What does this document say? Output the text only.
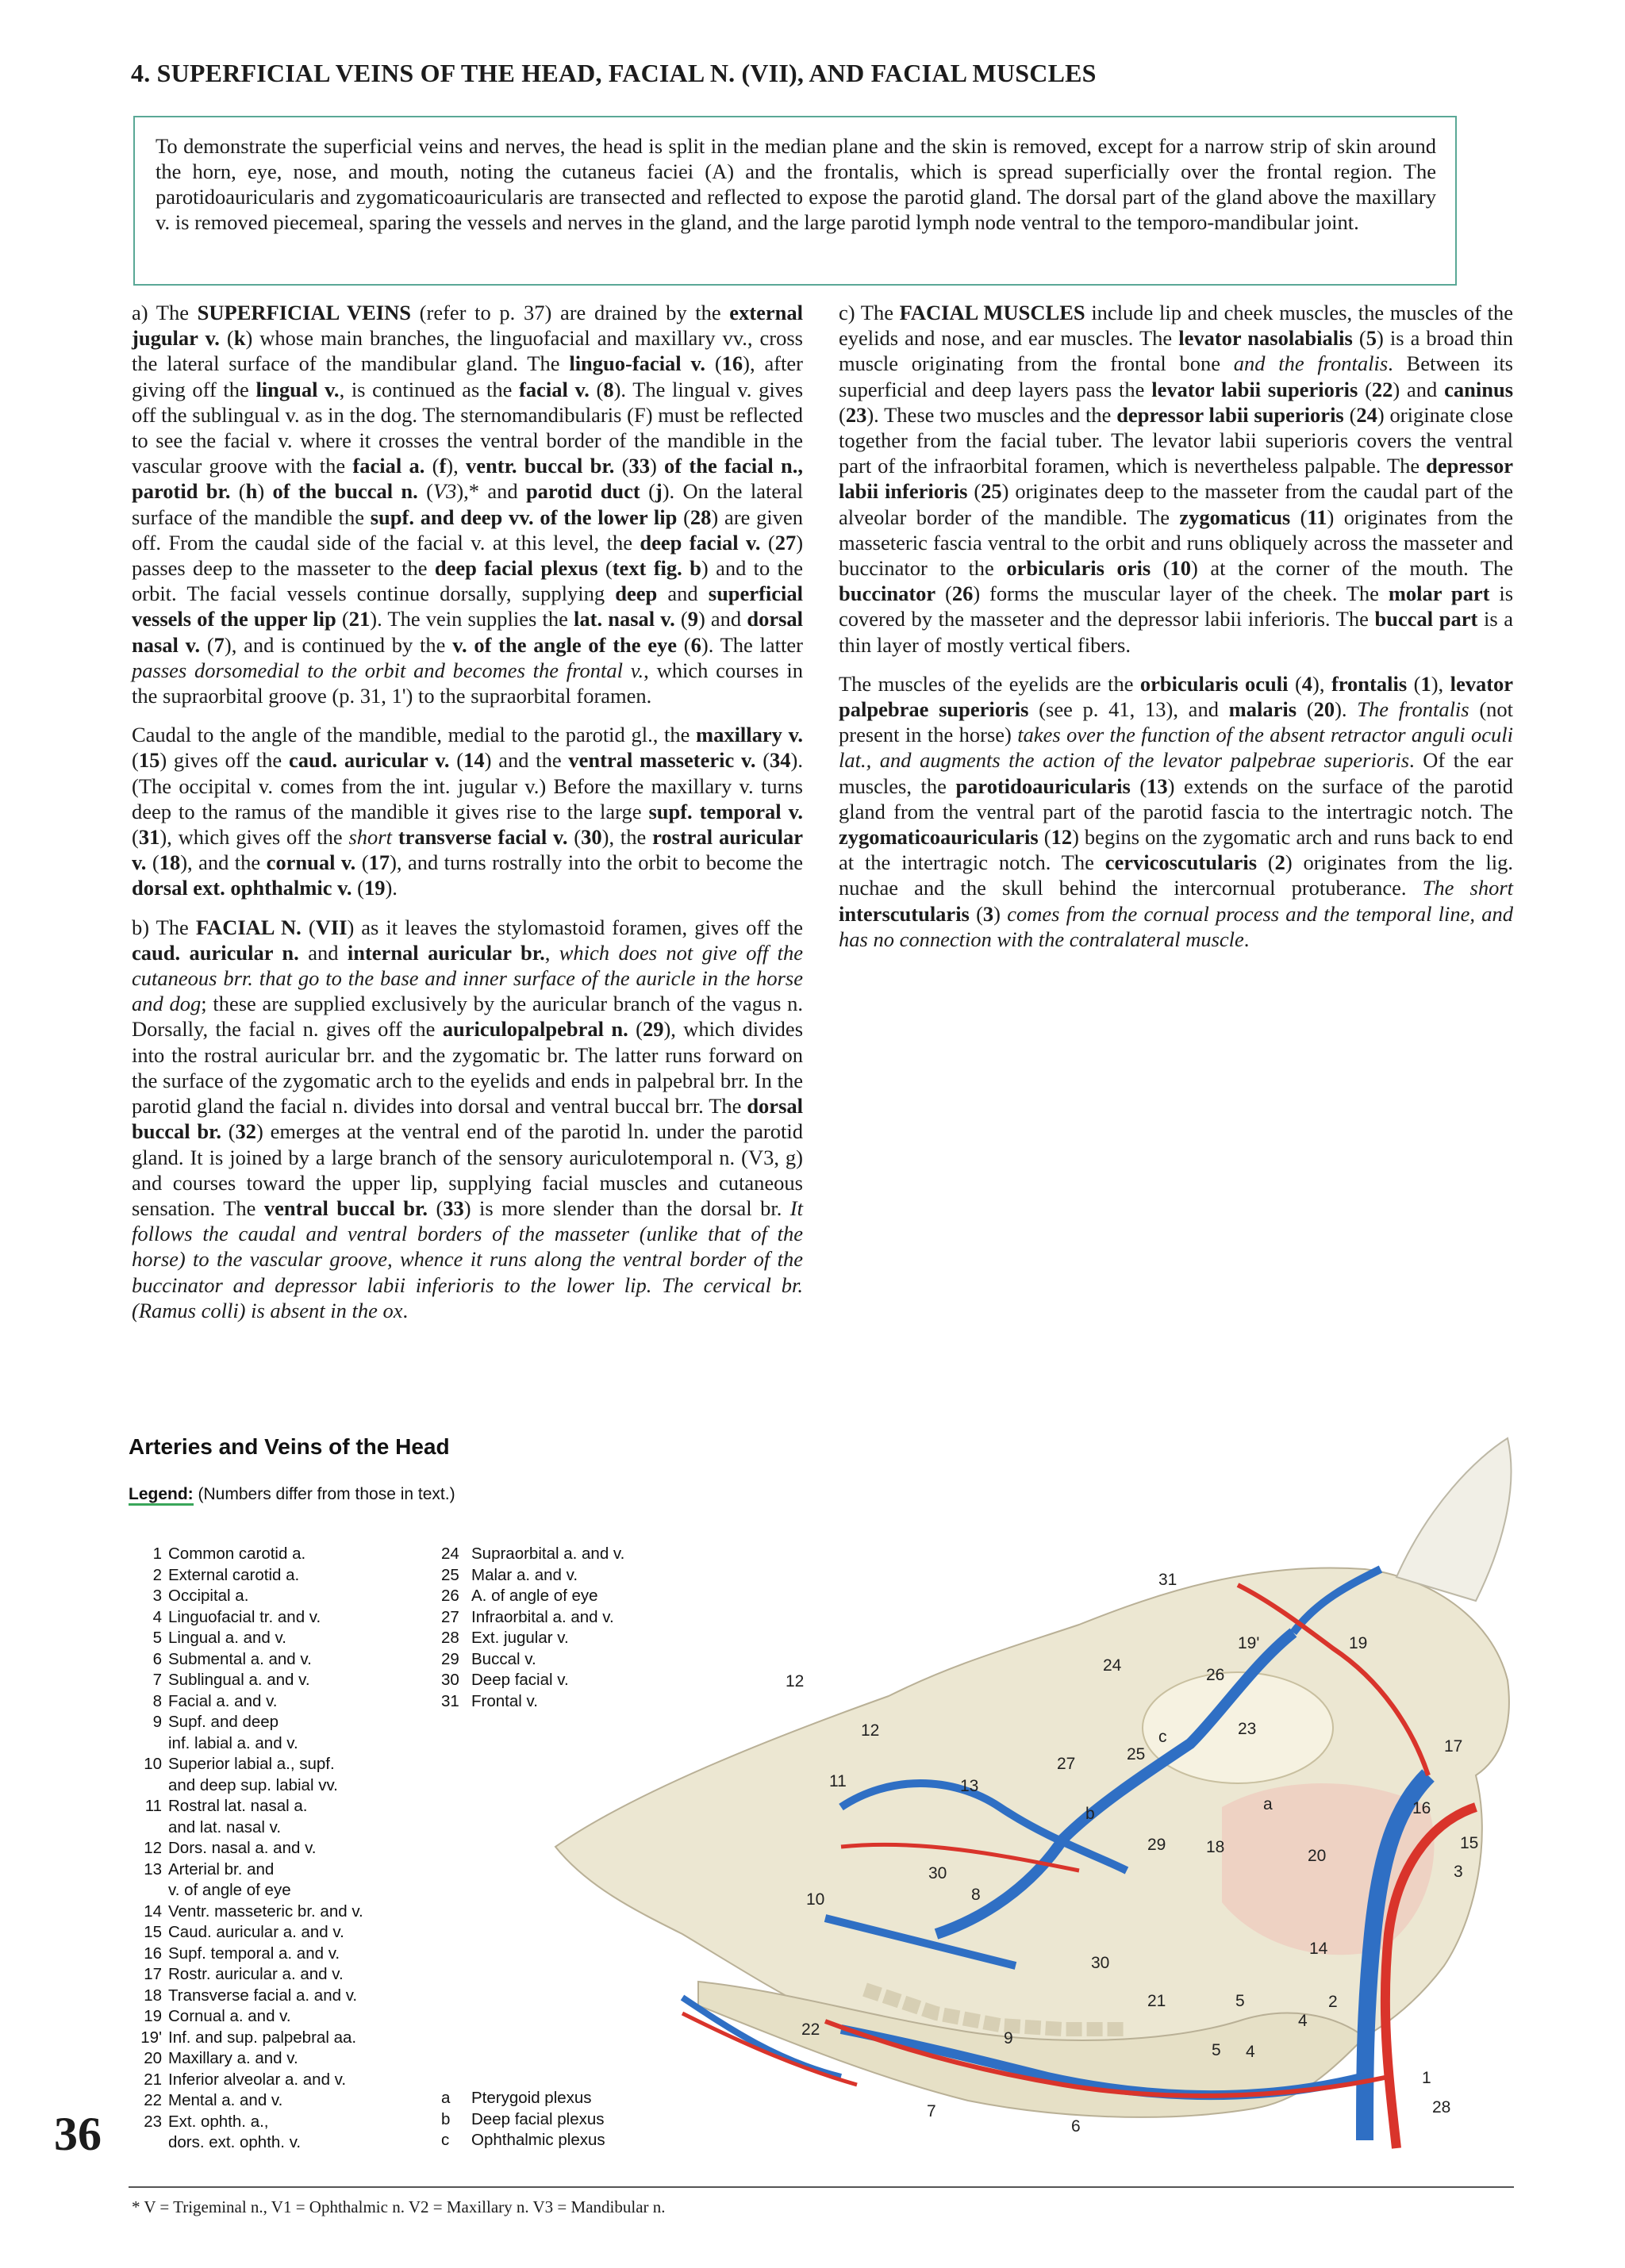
4. SUPERFICIAL VEINS OF THE HEAD, FACIAL N. (VII), AND FACIAL MUSCLES
To demonstrate the superficial veins and nerves, the head is split in the median plane and the skin is removed, except for a narrow strip of skin around the horn, eye, nose, and mouth, noting the cutaneus faciei (A) and the frontalis, which is spread superficially over the frontal region. The parotidoauricularis and zygomaticoauricularis are transected and reflected to expose the parotid gland. The dorsal part of the gland above the maxillary v. is removed piecemeal, sparing the vessels and nerves in the gland, and the large parotid lymph node ventral to the temporo-mandibular joint.

a) The SUPERFICIAL VEINS (refer to p. 37) are drained by the external jugular v. (k) whose main branches, the linguofacial and maxillary vv., cross the lateral surface of the mandibular gland. The linguo-facial v. (16), after giving off the lingual v., is continued as the facial v. (8). The lingual v. gives off the sublingual v. as in the dog. The sternomandibularis (F) must be reflected to see the facial v. where it crosses the ventral border of the mandible in the vascular groove with the facial a. (f), ventr. buccal br. (33) of the facial n., parotid br. (h) of the buccal n. (V3),* and parotid duct (j). On the lateral surface of the mandible the supf. and deep vv. of the lower lip (28) are given off. From the caudal side of the facial v. at this level, the deep facial v. (27) passes deep to the masseter to the deep facial plexus (text fig. b) and to the orbit. The facial vessels continue dorsally, supplying deep and superficial vessels of the upper lip (21). The vein supplies the lat. nasal v. (9) and dorsal nasal v. (7), and is continued by the v. of the angle of the eye (6). The latter passes dorsomedial to the orbit and becomes the frontal v., which courses in the supraorbital groove (p. 31, 1') to the supraorbital foramen.

Caudal to the angle of the mandible, medial to the parotid gl., the maxillary v. (15) gives off the caud. auricular v. (14) and the ventral masseteric v. (34). (The occipital v. comes from the int. jugular v.) Before the maxillary v. turns deep to the ramus of the mandible it gives rise to the large supf. temporal v. (31), which gives off the short transverse facial v. (30), the rostral auricular v. (18), and the cornual v. (17), and turns rostrally into the orbit to become the dorsal ext. ophthalmic v. (19).

b) The FACIAL N. (VII) as it leaves the stylomastoid foramen, gives off the caud. auricular n. and internal auricular br., which does not give off the cutaneous brr. that go to the base and inner surface of the auricle in the horse and dog; these are supplied exclusively by the auricular branch of the vagus n. Dorsally, the facial n. gives off the auriculopalpebral n. (29), which divides into the rostral auricular brr. and the zygomatic br. The latter runs forward on the surface of the zygomatic arch to the eyelids and ends in palpebral brr. In the parotid gland the facial n. divides into dorsal and ventral buccal brr. The dorsal buccal br. (32) emerges at the ventral end of the parotid ln. under the parotid gland. It is joined by a large branch of the sensory auriculotemporal n. (V3, g) and courses toward the upper lip, supplying facial muscles and cutaneous sensation. The ventral buccal br. (33) is more slender than the dorsal br. It follows the caudal and ventral borders of the masseter (unlike that of the horse) to the vascular groove, whence it runs along the ventral border of the buccinator and depressor labii inferioris to the lower lip. The cervical br. (Ramus colli) is absent in the ox.

c) The FACIAL MUSCLES include lip and cheek muscles, the muscles of the eyelids and nose, and ear muscles. The levator nasolabialis (5) is a broad thin muscle originating from the frontal bone and the frontalis. Between its superficial and deep layers pass the levator labii superioris (22) and caninus (23). These two muscles and the depressor labii superioris (24) originate close together from the facial tuber. The levator labii superioris covers the ventral part of the infraorbital foramen, which is nevertheless palpable. The depressor labii inferioris (25) originates deep to the masseter from the caudal part of the alveolar border of the mandible. The zygomaticus (11) originates from the masseteric fascia ventral to the orbit and runs obliquely across the masseter and buccinator to the orbicularis oris (10) at the corner of the mouth. The buccinator (26) forms the muscular layer of the cheek. The molar part is covered by the masseter and the depressor labii inferioris. The buccal part is a thin layer of mostly vertical fibers.

The muscles of the eyelids are the orbicularis oculi (4), frontalis (1), levator palpebrae superioris (see p. 41, 13), and malaris (20). The frontalis (not present in the horse) takes over the function of the absent retractor anguli oculi lat., and augments the action of the levator palpebrae superioris. Of the ear muscles, the parotidoauricularis (13) extends on the surface of the parotid gland from the ventral part of the parotid fascia to the intertragic notch. The zygomaticoauricularis (12) begins on the zygomatic arch and runs back to end at the intertragic notch. The cervicoscutularis (2) originates from the lig. nuchae and the skull behind the intercornual protuberance. The short interscutularis (3) comes from the cornual process and the temporal line, and has no connection with the contralateral muscle.

31
26
24
19'	19
23
17
12
25
c
12
27
13
11
b
a	16
15
29 18	20
3
30
8
10
14
30
21	5	2
4
22	9
5 4
1
7
6
28
Arteries and Veins of the Head
Legend: (Numbers differ from those in text.)
1 Common carotid a.
2 External carotid a.
3 Occipital a.
4 Linguofacial tr. and v.
5 Lingual a. and v.
6 Submental a. and v.
7 Sublingual a. and v.
8 Facial a. and v.
9 Supf. and deep
inf. labial a. and v.
10 Superior labial a., supf.
and deep sup. labial vv.
11 Rostral lat. nasal a.
and lat. nasal v.
12 Dors. nasal a. and v.
13 Arterial br. and
v. of angle of eye
14 Ventr. masseteric br. and v.
15 Caud. auricular a. and v.
16 Supf. temporal a. and v.
17 Rostr. auricular a. and v.
18 Transverse facial a. and v.
19 Cornual a. and v.
19' Inf. and sup. palpebral aa.
20 Maxillary a. and v.
21 Inferior alveolar a. and v.
22 Mental a. and v.
23 Ext. ophth. a.,
dors. ext. ophth. v.
24 Supraorbital a. and v.
25 Malar a. and v.
26 A. of angle of eye
27 Infraorbital a. and v.
28 Ext. jugular v.
29 Buccal v.
30 Deep facial v.
31 Frontal v.
a	Pterygoid plexus
b	Deep facial plexus
c	Ophthalmic plexus
36
* V = Trigeminal n., V1 = Ophthalmic n. V2 = Maxillary n. V3 = Mandibular n.
